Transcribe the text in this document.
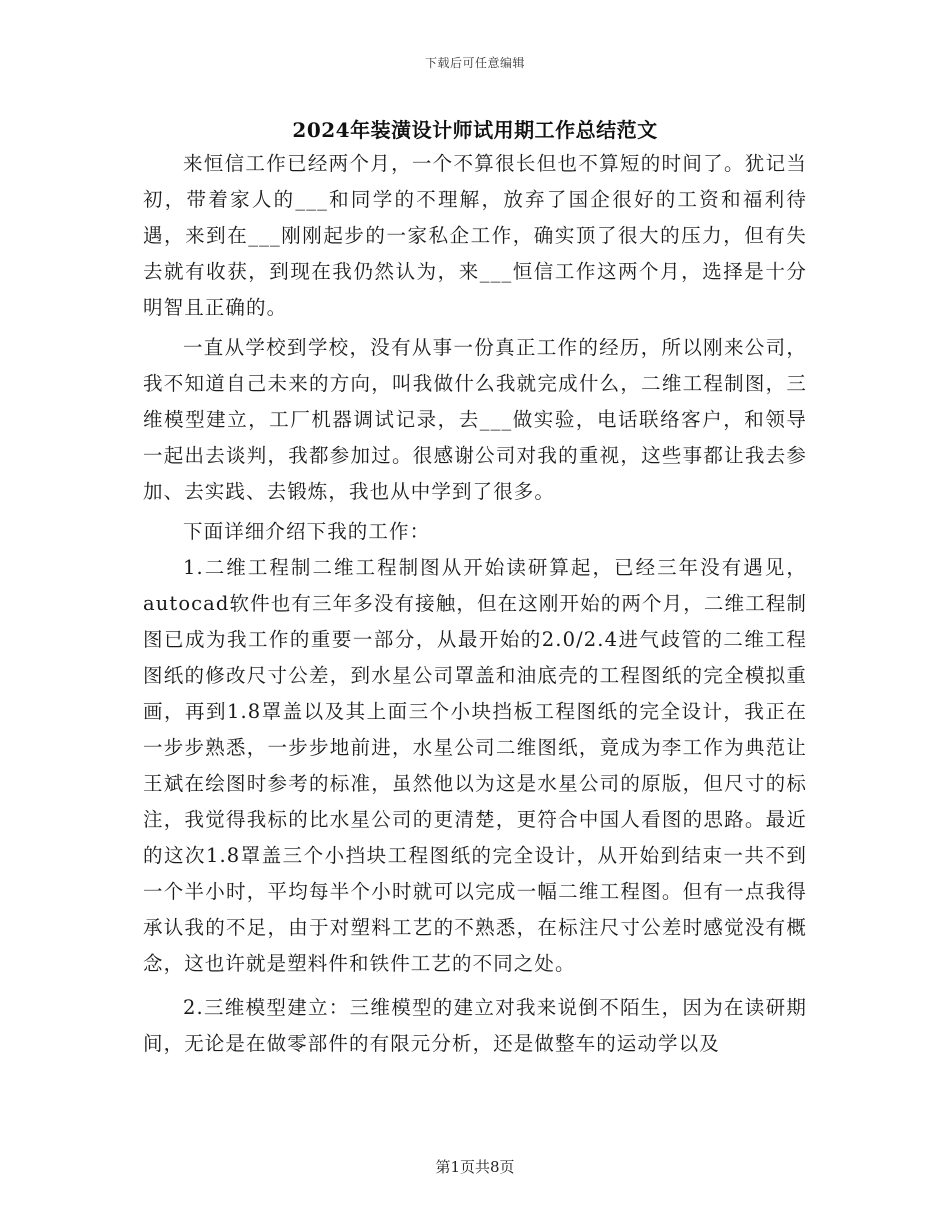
下载后可任意编辑
2024年装潢设计师试用期工作总结范文

来恒信工作已经两个月，一个不算很长但也不算短的时间了。犹记当初，带着家人的___和同学的不理解，放弃了国企很好的工资和福利待遇，来到在___刚刚起步的一家私企工作，确实顶了很大的压力，但有失去就有收获，到现在我仍然认为，来___恒信工作这两个月，选择是十分明智且正确的。

一直从学校到学校，没有从事一份真正工作的经历，所以刚来公司，我不知道自己未来的方向，叫我做什么我就完成什么，二维工程制图，三维模型建立，工厂机器调试记录，去___做实验，电话联络客户，和领导一起出去谈判，我都参加过。很感谢公司对我的重视，这些事都让我去参加、去实践、去锻炼，我也从中学到了很多。

下面详细介绍下我的工作：

1.二维工程制二维工程制图从开始读研算起，已经三年没有遇见，autocad软件也有三年多没有接触，但在这刚开始的两个月，二维工程制图已成为我工作的重要一部分，从最开始的2.0/2.4进气歧管的二维工程图纸的修改尺寸公差，到水星公司罩盖和油底壳的工程图纸的完全模拟重画，再到1.8罩盖以及其上面三个小块挡板工程图纸的完全设计，我正在一步步熟悉，一步步地前进，水星公司二维图纸，竟成为李工作为典范让王斌在绘图时参考的标准，虽然他以为这是水星公司的原版，但尺寸的标注，我觉得我标的比水星公司的更清楚，更符合中国人看图的思路。最近的这次1.8罩盖三个小挡块工程图纸的完全设计，从开始到结束一共不到一个半小时，平均每半个小时就可以完成一幅二维工程图。但有一点我得承认我的不足，由于对塑料工艺的不熟悉，在标注尺寸公差时感觉没有概念，这也许就是塑料件和铁件工艺的不同之处。

2.三维模型建立：三维模型的建立对我来说倒不陌生，因为在读研期间，无论是在做零部件的有限元分析，还是做整车的运动学以及

第1页共8页
